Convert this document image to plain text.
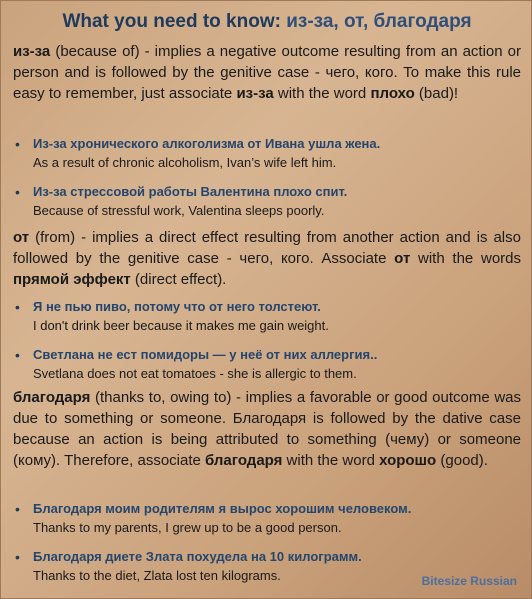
What you need to know: из-за, от, благодаря
из-за (because of) - implies a negative outcome resulting from an action or person and is followed by the genitive case - чего, кого. To make this rule easy to remember, just associate из-за with the word плохо (bad)!
• Из-за хронического алкоголизма от Ивана ушла жена.
As a result of chronic alcoholism, Ivan’s wife left him.
• Из-за стрессовой работы Валентина плохо спит.
Because of stressful work, Valentina sleeps poorly.
от (from) - implies a direct effect resulting from another action and is also followed by the genitive case - чего, кого. Associate от with the words прямой эффект (direct effect).
• Я не пью пиво, потому что от него толстеют.
I don't drink beer because it makes me gain weight.
• Светлана не ест помидоры — у неё от них аллергия..
Svetlana does not eat tomatoes - she is allergic to them.
благодаря (thanks to, owing to) - implies a favorable or good outcome was due to something or someone. Благодаря is followed by the dative case because an action is being attributed to something (чему) or someone (кому). Therefore, associate благодаря with the word хорошо (good).
• Благодаря моим родителям я вырос хорошим человеком.
Thanks to my parents, I grew up to be a good person.
• Благодаря диете Злата похудела на 10 килограмм.
Thanks to the diet, Zlata lost ten kilograms.	Bitesize Russian
